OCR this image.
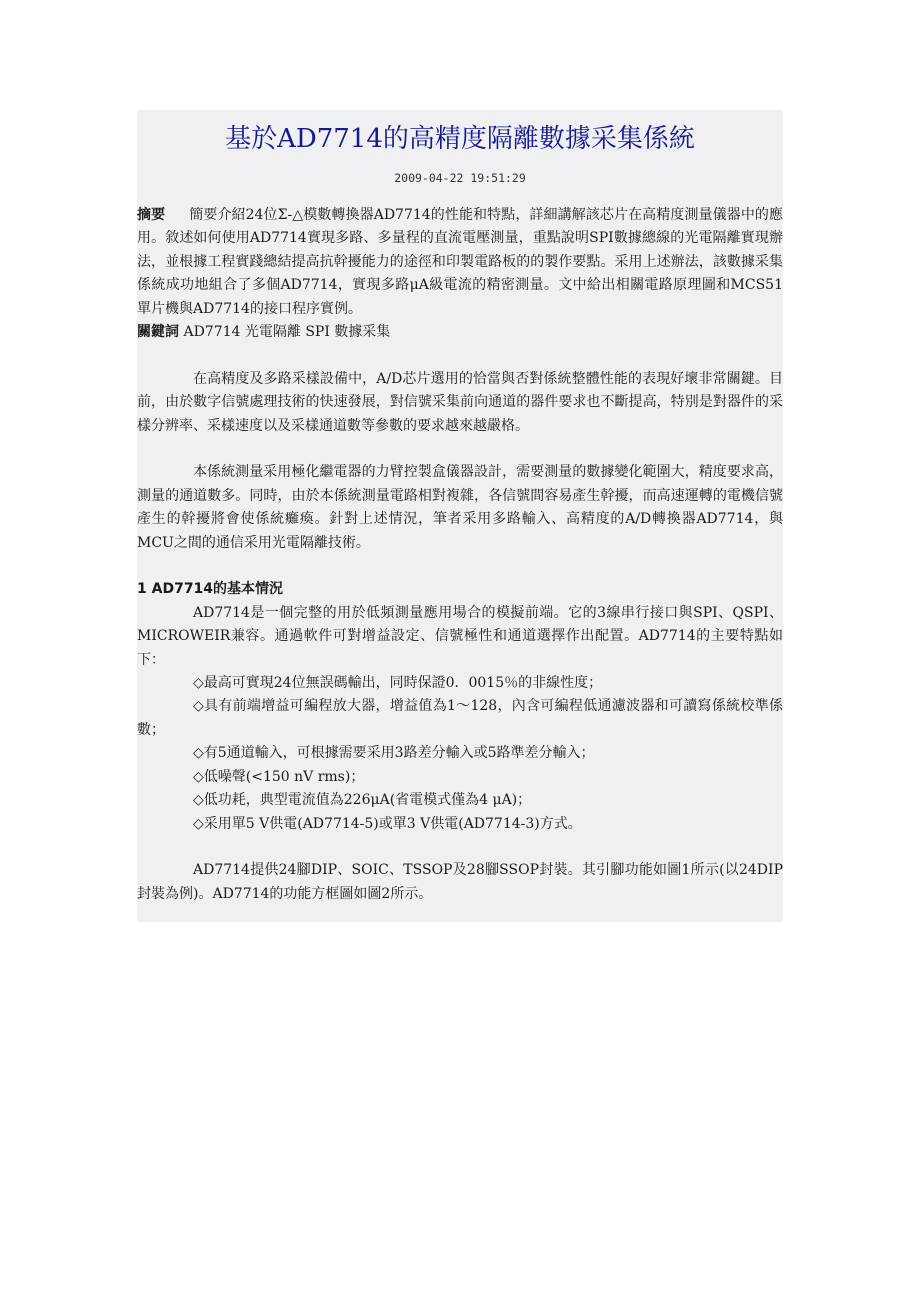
基於AD7714的高精度隔離數據采集係統
2009-04-22 19:51:29

摘要 簡要介紹24位Σ-△模數轉換器AD7714的性能和特點，詳細講解該芯片在高精度測量儀器中的應用。敘述如何使用AD7714實現多路、多量程的直流電壓測量，重點說明SPI數據總線的光電隔離實現辦法，並根據工程實踐總結提高抗幹擾能力的途徑和印製電路板的的製作要點。采用上述辦法，該數據采集係統成功地組合了多個AD7714，實現多路μA級電流的精密測量。文中給出相關電路原理圖和MCS51單片機與AD7714的接口程序實例。

關鍵詞 AD7714 光電隔離 SPI 數據采集

在高精度及多路采樣設備中，A/D芯片選用的恰當與否對係統整體性能的表現好壞非常關鍵。目前，由於數字信號處理技術的快速發展，對信號采集前向通道的器件要求也不斷提高，特別是對器件的采樣分辨率、采樣速度以及采樣通道數等參數的要求越來越嚴格。

本係統測量采用極化繼電器的力臂控製盒儀器設計，需要測量的數據變化範圍大，精度要求高，測量的通道數多。同時，由於本係統測量電路相對複雜，各信號間容易產生幹擾，而高速運轉的電機信號產生的幹擾將會使係統癱瘓。針對上述情況，筆者采用多路輸入、高精度的A/D轉換器AD7714，與MCU之間的通信采用光電隔離技術。

1 AD7714的基本情況

AD7714是一個完整的用於低頻測量應用場合的模擬前端。它的3線串行接口與SPI、QSPI、MICROWEIR兼容。通過軟件可對增益設定、信號極性和通道選擇作出配置。AD7714的主要特點如下：

◇最高可實現24位無誤碼輸出，同時保證0．0015％的非線性度；

◇具有前端增益可編程放大器，增益值為1～128，內含可編程低通濾波器和可讀寫係統校準係數；

◇有5通道輸入，可根據需要采用3路差分輸入或5路準差分輸入；

◇低噪聲(<150 nV rms)；

◇低功耗，典型電流值為226μA(省電模式僅為4 μA)；

◇采用單5 V供電(AD7714-5)或單3 V供電(AD7714-3)方式。

AD7714提供24腳DIP、SOIC、TSSOP及28腳SSOP封裝。其引腳功能如圖1所示(以24DIP封裝為例)。AD7714的功能方框圖如圖2所示。
